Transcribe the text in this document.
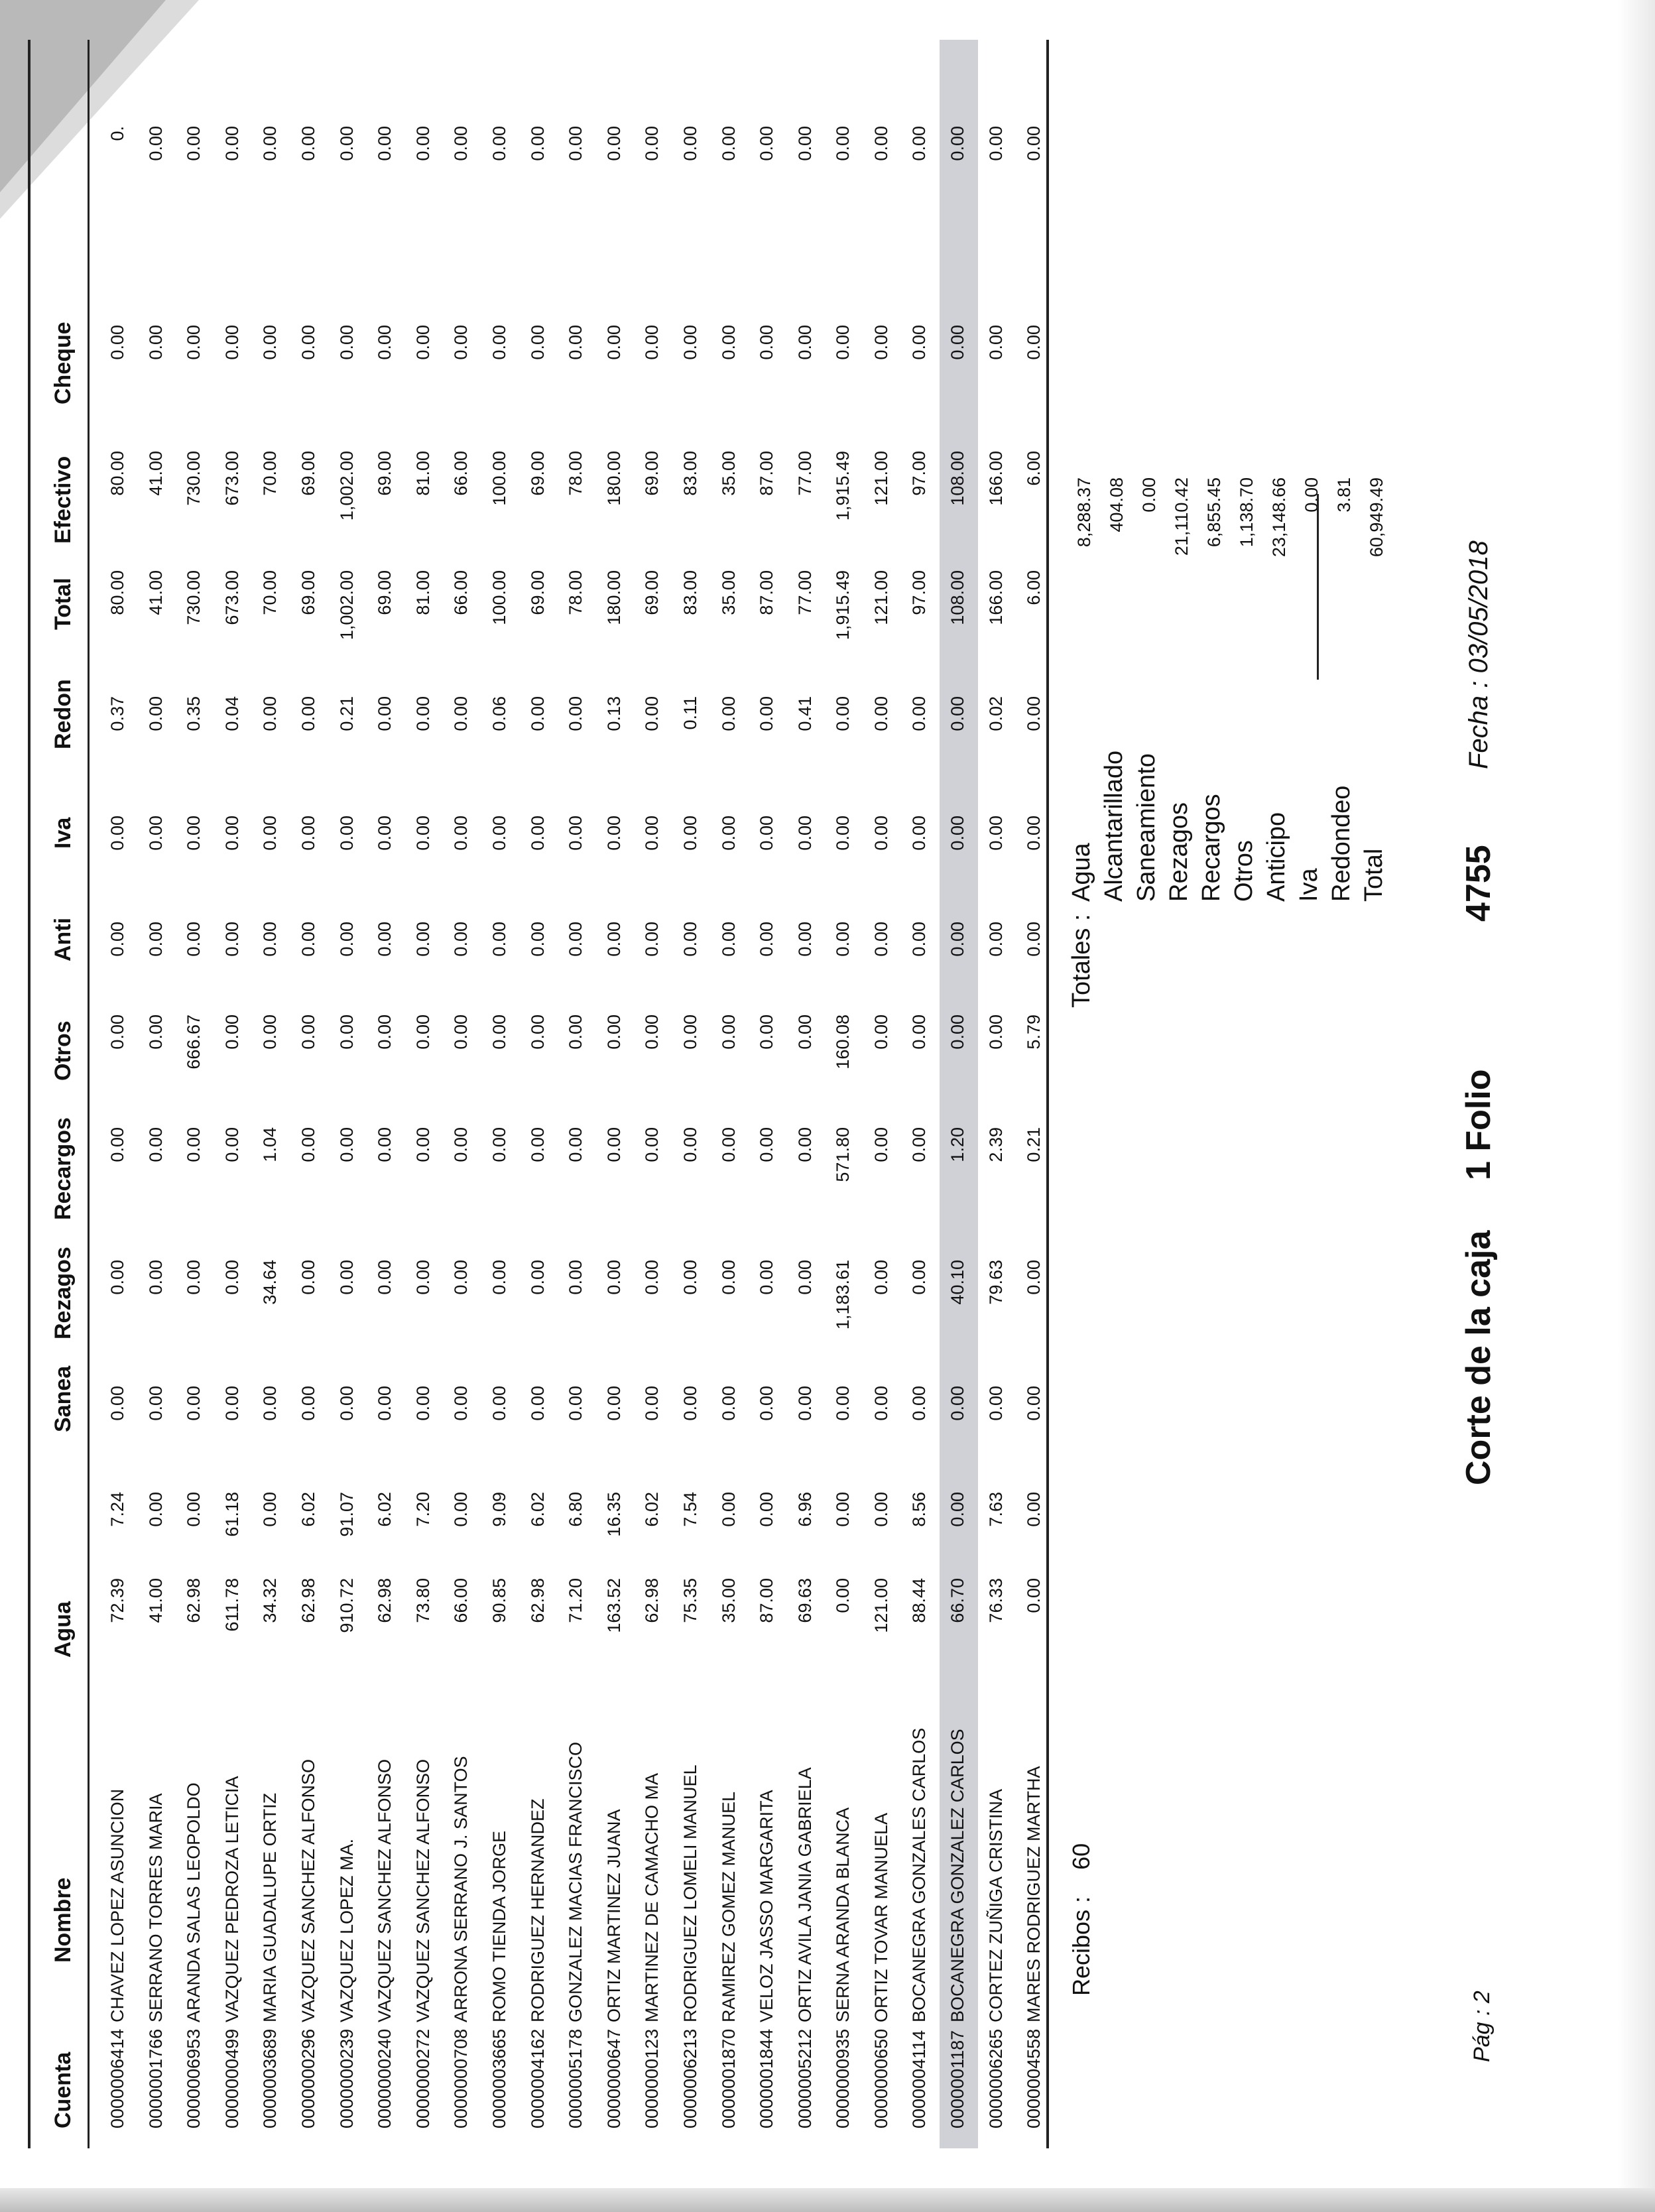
Cuenta
Nombre
Agua
Sanea
Rezagos
Recargos
Otros
Anti
Iva
Redon
Total
Efectivo
Cheque
0000006414
CHAVEZ LOPEZ ASUNCION
72.39
7.24
0.00
0.00
0.00
0.00
0.00
0.00
0.37
80.00
80.00
0.00
0.
0000001766
SERRANO TORRES MARIA
41.00
0.00
0.00
0.00
0.00
0.00
0.00
0.00
0.00
41.00
41.00
0.00
0.00
0000006953
ARANDA SALAS LEOPOLDO
62.98
0.00
0.00
0.00
0.00
666.67
0.00
0.00
0.35
730.00
730.00
0.00
0.00
0000000499
VAZQUEZ PEDROZA LETICIA
611.78
61.18
0.00
0.00
0.00
0.00
0.00
0.00
0.04
673.00
673.00
0.00
0.00
0000003689
MARIA GUADALUPE ORTIZ
34.32
0.00
0.00
34.64
1.04
0.00
0.00
0.00
0.00
70.00
70.00
0.00
0.00
0000000296
VAZQUEZ SANCHEZ ALFONSO
62.98
6.02
0.00
0.00
0.00
0.00
0.00
0.00
0.00
69.00
69.00
0.00
0.00
0000000239
VAZQUEZ LOPEZ MA.
910.72
91.07
0.00
0.00
0.00
0.00
0.00
0.00
0.21
1,002.00
1,002.00
0.00
0.00
0000000240
VAZQUEZ SANCHEZ ALFONSO
62.98
6.02
0.00
0.00
0.00
0.00
0.00
0.00
0.00
69.00
69.00
0.00
0.00
0000000272
VAZQUEZ SANCHEZ ALFONSO
73.80
7.20
0.00
0.00
0.00
0.00
0.00
0.00
0.00
81.00
81.00
0.00
0.00
0000000708
ARRONA SERRANO J. SANTOS
66.00
0.00
0.00
0.00
0.00
0.00
0.00
0.00
0.00
66.00
66.00
0.00
0.00
0000003665
ROMO TIENDA JORGE
90.85
9.09
0.00
0.00
0.00
0.00
0.00
0.00
0.06
100.00
100.00
0.00
0.00
0000004162
RODRIGUEZ HERNANDEZ
62.98
6.02
0.00
0.00
0.00
0.00
0.00
0.00
0.00
69.00
69.00
0.00
0.00
0000005178
GONZALEZ MACIAS FRANCISCO
71.20
6.80
0.00
0.00
0.00
0.00
0.00
0.00
0.00
78.00
78.00
0.00
0.00
0000000647
ORTIZ MARTINEZ JUANA
163.52
16.35
0.00
0.00
0.00
0.00
0.00
0.00
0.13
180.00
180.00
0.00
0.00
0000000123
MARTINEZ DE CAMACHO MA
62.98
6.02
0.00
0.00
0.00
0.00
0.00
0.00
0.00
69.00
69.00
0.00
0.00
0000006213
RODRIGUEZ LOMELI MANUEL
75.35
7.54
0.00
0.00
0.00
0.00
0.00
0.00
0.11
83.00
83.00
0.00
0.00
0000001870
RAMIREZ GOMEZ MANUEL
35.00
0.00
0.00
0.00
0.00
0.00
0.00
0.00
0.00
35.00
35.00
0.00
0.00
0000001844
VELOZ JASSO MARGARITA
87.00
0.00
0.00
0.00
0.00
0.00
0.00
0.00
0.00
87.00
87.00
0.00
0.00
0000005212
ORTIZ AVILA JANIA GABRIELA
69.63
6.96
0.00
0.00
0.00
0.00
0.00
0.00
0.41
77.00
77.00
0.00
0.00
0000000935
SERNA ARANDA BLANCA
0.00
0.00
0.00
1,183.61
571.80
160.08
0.00
0.00
0.00
1,915.49
1,915.49
0.00
0.00
0000000650
ORTIZ TOVAR MANUELA
121.00
0.00
0.00
0.00
0.00
0.00
0.00
0.00
0.00
121.00
121.00
0.00
0.00
0000004114
BOCANEGRA GONZALES CARLOS
88.44
8.56
0.00
0.00
0.00
0.00
0.00
0.00
0.00
97.00
97.00
0.00
0.00
0000001187
BOCANEGRA GONZALEZ CARLOS
66.70
0.00
0.00
40.10
1.20
0.00
0.00
0.00
0.00
108.00
108.00
0.00
0.00
0000006265
CORTEZ ZUÑIGA CRISTINA
76.33
7.63
0.00
79.63
2.39
0.00
0.00
0.00
0.02
166.00
166.00
0.00
0.00
0000004558
MARES RODRIGUEZ MARTHA
0.00
0.00
0.00
0.00
0.21
5.79
0.00
0.00
0.00
6.00
6.00
0.00
0.00
Recibos :60
Totales :
Agua
8,288.37
Alcantarillado
404.08
Saneamiento
0.00
Rezagos
21,110.42
Recargos
6,855.45
Otros
1,138.70
Anticipo
23,148.66
Iva
0.00
Redondeo
3.81
Total
60,949.49
Pág : 2
Corte de la caja
1 Folio
4755
Fecha : 03/05/2018
